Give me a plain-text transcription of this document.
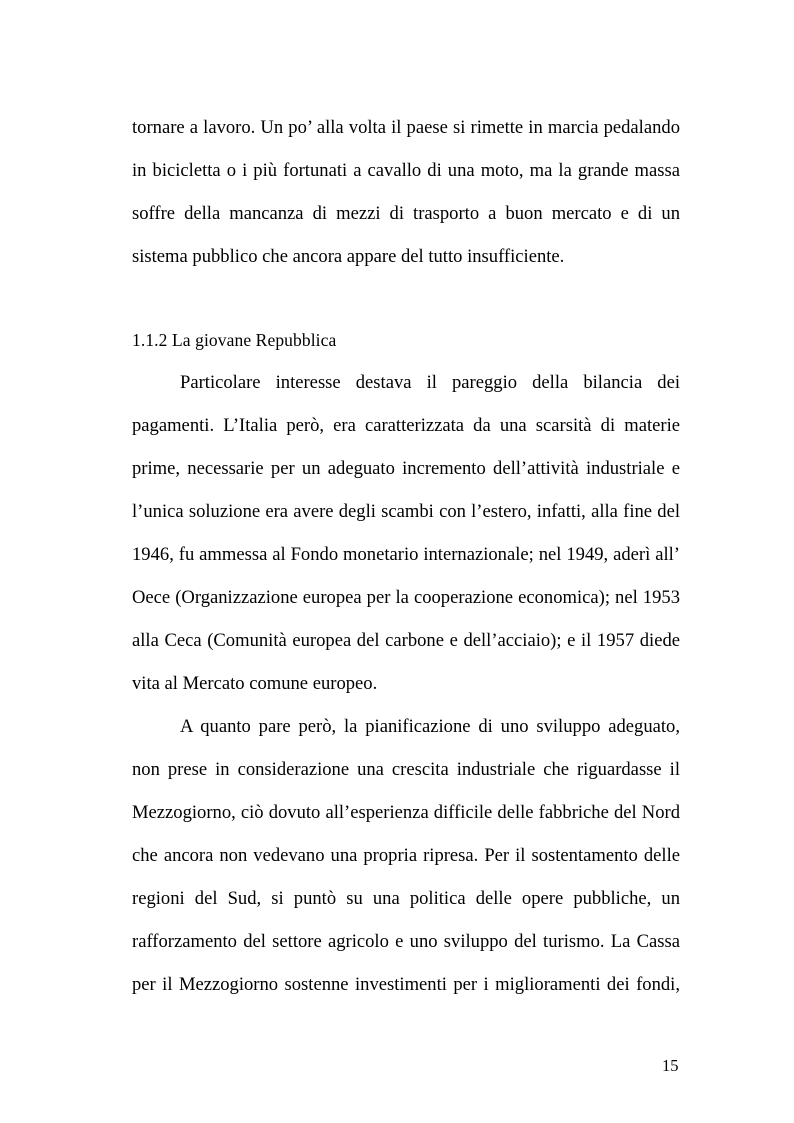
tornare a lavoro. Un po’ alla volta il paese si rimette in marcia pedalando
in bicicletta o i più fortunati a cavallo di una moto, ma la grande massa
soffre della mancanza di mezzi di trasporto a buon mercato e di un
sistema pubblico che ancora appare del tutto insufficiente.
1.1.2 La giovane Repubblica
Particolare interesse destava il pareggio della bilancia dei
pagamenti. L’Italia però, era caratterizzata da una scarsità di materie
prime, necessarie per un adeguato incremento dell’attività industriale e
l’unica soluzione era avere degli scambi con l’estero, infatti, alla fine del
1946, fu ammessa al Fondo monetario internazionale; nel 1949, aderì all’
Oece (Organizzazione europea per la cooperazione economica); nel 1953
alla Ceca (Comunità europea del carbone e dell’acciaio); e il 1957 diede
vita al Mercato comune europeo.
A quanto pare però, la pianificazione di uno sviluppo adeguato,
non prese in considerazione una crescita industriale che riguardasse il
Mezzogiorno, ciò dovuto all’esperienza difficile delle fabbriche del Nord
che ancora non vedevano una propria ripresa. Per il sostentamento delle
regioni del Sud, si puntò su una politica delle opere pubbliche, un
rafforzamento del settore agricolo e uno sviluppo del turismo. La Cassa
per il Mezzogiorno sostenne investimenti per i miglioramenti dei fondi,
15
